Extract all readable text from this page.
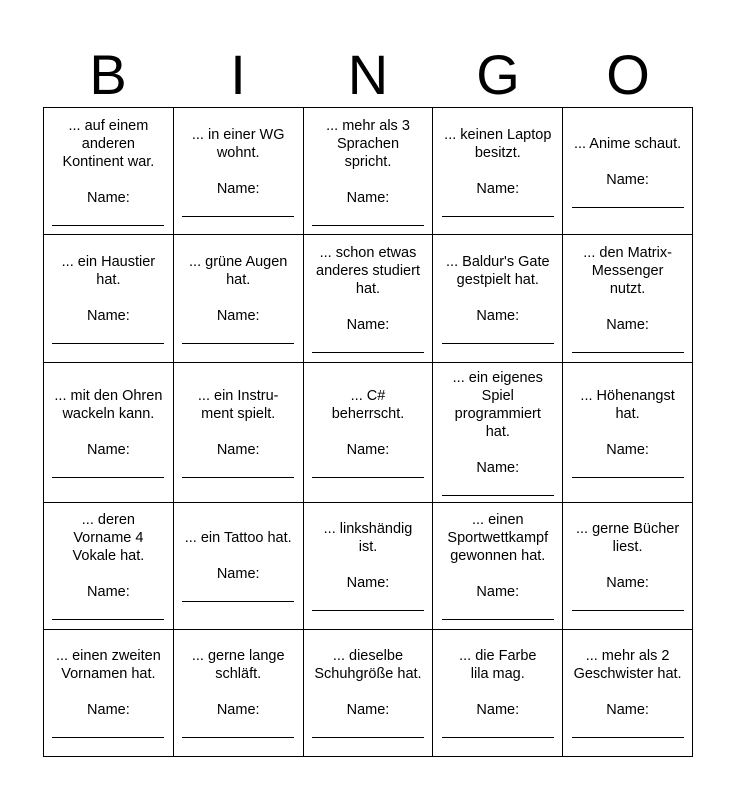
B	I	N	G	O
... auf einem
anderen
Kontinent war.
Name:
... in einer WG
wohnt.
Name:
... mehr als 3
Sprachen
spricht.
Name:
... keinen Laptop
besitzt.
Name:
... Anime schaut.
Name:
... ein Haustier
hat.
Name:
... grüne Augen
hat.
Name:
... schon etwas
anderes studiert
hat.
Name:
... Baldur's Gate
gestpielt hat.
Name:
... den Matrix-
Messenger
nutzt.
Name:
... mit den Ohren
wackeln kann.
Name:
... ein Instru-
ment spielt.
Name:
... C#
beherrscht.
Name:
... ein eigenes
Spiel
programmiert hat.
Name:
... Höhenangst
hat.
Name:
... deren
Vorname 4
Vokale hat.
Name:
... ein Tattoo hat.
Name:
... linkshändig
ist.
Name:
... einen
Sportwettkampf
gewonnen hat.
Name:
... gerne Bücher
liest.
Name:
... einen zweiten
Vornamen hat.
Name:
... gerne lange
schläft.
Name:
... dieselbe
Schuhgröße hat.
Name:
... die Farbe
lila mag.
Name:
... mehr als 2
Geschwister hat.
Name:
